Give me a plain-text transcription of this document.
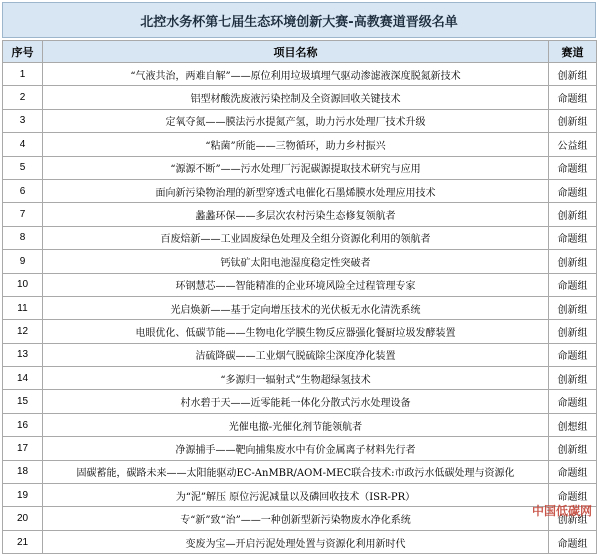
北控水务杯第七届生态环境创新大赛-高教赛道晋级名单
序号	项目名称	赛道
1	“气液共治，两难自解”——原位利用垃圾填埋气驱动渗滤液深度脱氮新技术	创新组
2	铝型材酸洗废液污染控制及全资源回收关键技术	命题组
3	定氧夺氮——膜法污水提氮产氢，助力污水处理厂技术升级	创新组
4	“粘菌”所能——三物循环，助力乡村振兴	公益组
5	“源源不断”——污水处理厂污泥碳源提取技术研究与应用	命题组
6	面向新污染物治理的新型穿透式电催化石墨烯膜水处理应用技术	命题组
7	蠡蠡环保——多层次农村污染生态修复领航者	创新组
8	百废焙新——工业固废绿色处理及全组分资源化利用的领航者	命题组
9	钙钛矿太阳电池湿度稳定性突破者	创新组
10	环钢慧芯——智能精准的企业环境风险全过程管理专家	命题组
11	光启焕新——基于定向增压技术的光伏板无水化清洗系统	创新组
12	电眼优化、低碳节能——生物电化学膜生物反应器强化餐厨垃圾发酵装置	创新组
13	洁硫降碳——工业烟气脱硫除尘深度净化装置	命题组
14	“多源归一辐射式”生物超绿氢技术	创新组
15	村水碧于天——近零能耗一体化分散式污水处理设备	命题组
16	光催电撤-光催化剂节能领航者	创想组
17	净源捕手——靶向捕集废水中有价金属离子材料先行者	创新组
18	固碳蓄能，碳路未来——太阳能驱动EC-AnMBR/AOM-MEC联合技术:市政污水低碳处理与资源化	命题组
19	为“泥”解压 原位污泥减量以及磷回收技术（ISR-PR）	命题组
20	专“新”致“治”——一种创新型新污染物废水净化系统	创新组
21	变废为宝—开启污泥处理处置与资源化利用新时代	命题组
中国低碳网
